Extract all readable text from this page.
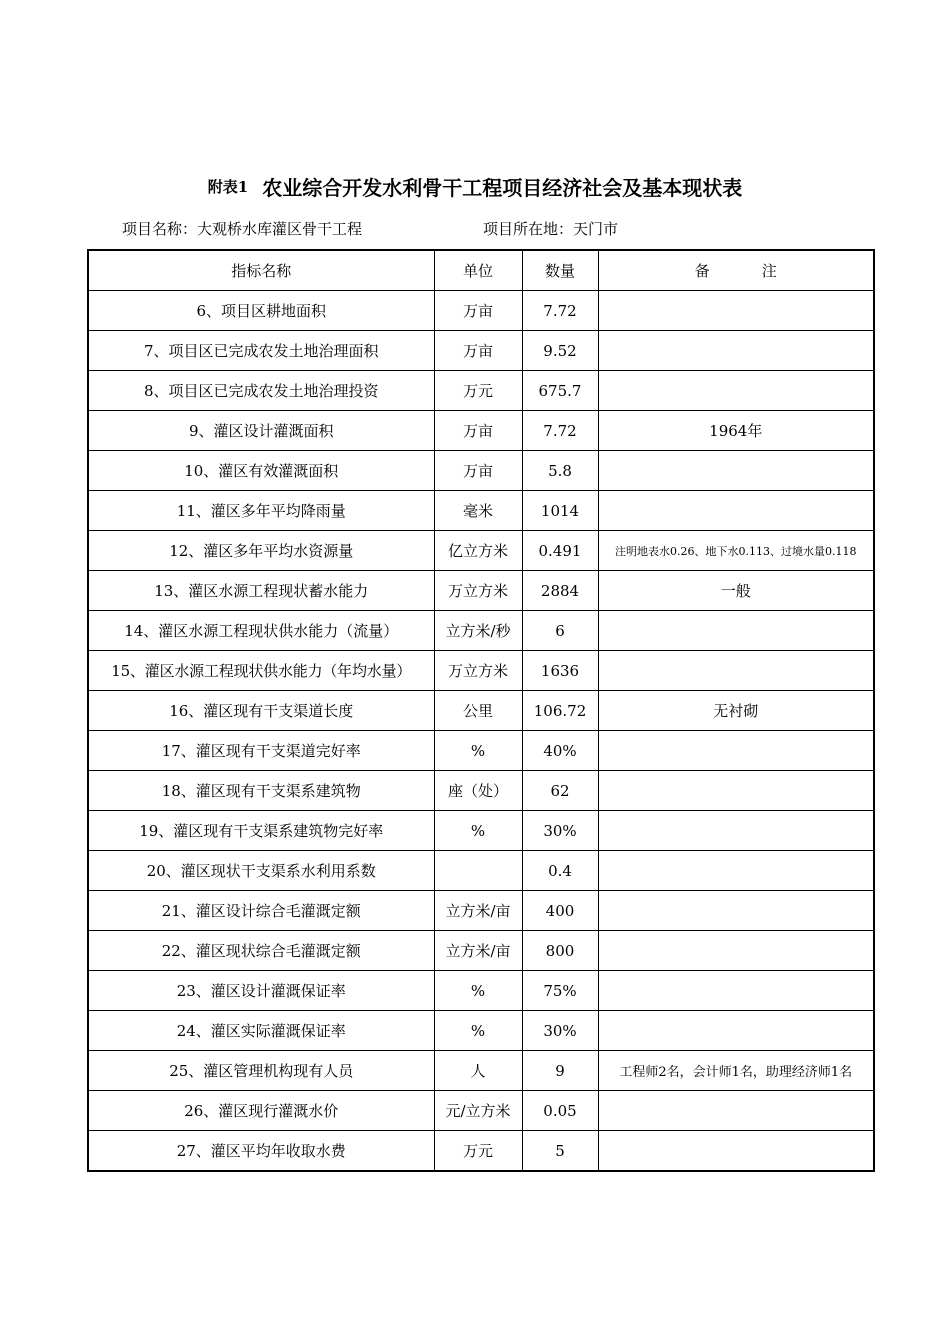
附表1 农业综合开发水利骨干工程项目经济社会及基本现状表
项目名称：大观桥水库灌区骨干工程	项目所在地：天门市
指标名称	单位	数量	备 注
6、项目区耕地面积	万亩	7.72	
7、项目区已完成农发土地治理面积	万亩	9.52	
8、项目区已完成农发土地治理投资	万元	675.7	
9、灌区设计灌溉面积	万亩	7.72	1964年
10、灌区有效灌溉面积	万亩	5.8	
11、灌区多年平均降雨量	毫米	1014	
12、灌区多年平均水资源量	亿立方米	0.491	注明地表水0.26、地下水0.113、过境水量0.118
13、灌区水源工程现状蓄水能力	万立方米	2884	一般
14、灌区水源工程现状供水能力（流量）	立方米/秒	6	
15、灌区水源工程现状供水能力（年均水量）	万立方米	1636	
16、灌区现有干支渠道长度	公里	106.72	无衬砌
17、灌区现有干支渠道完好率	%	40%	
18、灌区现有干支渠系建筑物	座（处）	62	
19、灌区现有干支渠系建筑物完好率	%	30%	
20、灌区现状干支渠系水利用系数		0.4	
21、灌区设计综合毛灌溉定额	立方米/亩	400	
22、灌区现状综合毛灌溉定额	立方米/亩	800	
23、灌区设计灌溉保证率	%	75%	
24、灌区实际灌溉保证率	%	30%	
25、灌区管理机构现有人员	人	9	工程师2名，会计师1名，助理经济师1名
26、灌区现行灌溉水价	元/立方米	0.05	
27、灌区平均年收取水费	万元	5	
